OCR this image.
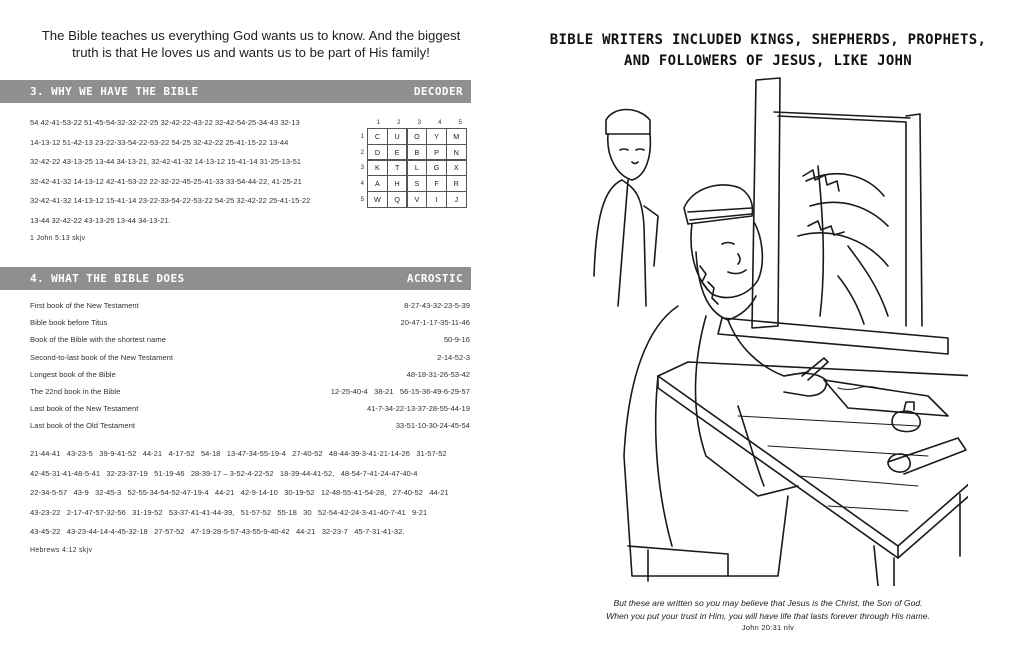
The Bible teaches us everything God wants us to know. And the biggest
truth is that He loves us and wants us to be part of His family!
3. WHY WE HAVE THE BIBLE	DECODER
54 42-41-53-22 51-45-54-32-32-22-25 32-42-22-43-22 32-42-54-25-34-43 32-13
14-13-12 51-42-13 23-22-33-54-22-53-22 54-25 32-42-22 25-41-15-22 13-44
32-42-22 43-13-25 13-44 34-13-21, 32-42-41-32 14-13-12 15-41-14 31-25-13-51
32-42-41-32 14-13-12 42-41-53-22 22-32-22-45-25-41-33 33-54-44-22, 41-25-21
32-42-41-32 14-13-12 15-41-14 23-22-33-54-22-53-22 54-25 32-42-22 25-41-15-22
13-44 32-42-22 43-13-25 13-44 34-13-21.
1 John 5:13 skjv
1	2	3	4	5
1	C	U	O	Y	M
2	D	E	B	P	N
3	K	T	L	G	X
4	A	H	S	F	R
5	W	Q	V	I	J
4. WHAT THE BIBLE DOES	ACROSTIC
First book of the New Testament	8-27-43-32-23-5-39
Bible book before Titus	20-47-1-17-35-11-46
Book of the Bible with the shortest name	50-9-16
Second-to-last book of the New Testament	2-14-52-3
Longest book of the Bible	48-18-31-26-53-42
The 22nd book in the Bible	12-25-40-4   38-21   56-15-36-49-6-29-57
Last book of the New Testament	41-7-34-22-13-37-28-55-44-19
Last book of the Old Testament	33-51-10-30-24-45-54
21-44-41   43-23-5   39-9-41-52   44-21   4-17-52   54-18   13-47-34-55-19-4   27-40-52   48-44-39-3-41-21-14-26   31-57-52
42-45-31-41-48-5-41   32-23-37-19   51-19-46   28-39-17 – 3-52-4-22-52   18-39-44-41-52,   48-54-7-41-24-47-40-4
22-34-5-57   43-9   32-45-3   52-55-34-54-52-47-19-4   44-21   42-9-14-10   30-19-52   12-48-55-41-54-28,   27-40-52   44-21
43-23-22   2-17-47-57-32-56   31-19-52   53-37-41-41-44-39,   51-57-52   55-18   30   52-54-42-24-3-41-40-7-41   9-21
43-45-22   43-23-44-14-4-45-32-18   27-57-52   47-19-28-5-57-43-55-9-40-42   44-21   32-23-7   45-7-31-41-32.
Hebrews 4:12 skjv
BIBLE WRITERS INCLUDED KINGS, SHEPHERDS, PROPHETS,
AND FOLLOWERS OF JESUS, LIKE JOHN
But these are written so you may believe that Jesus is the Christ, the Son of God.
When you put your trust in Him, you will have life that lasts forever through His name.
John 20:31 nlv
